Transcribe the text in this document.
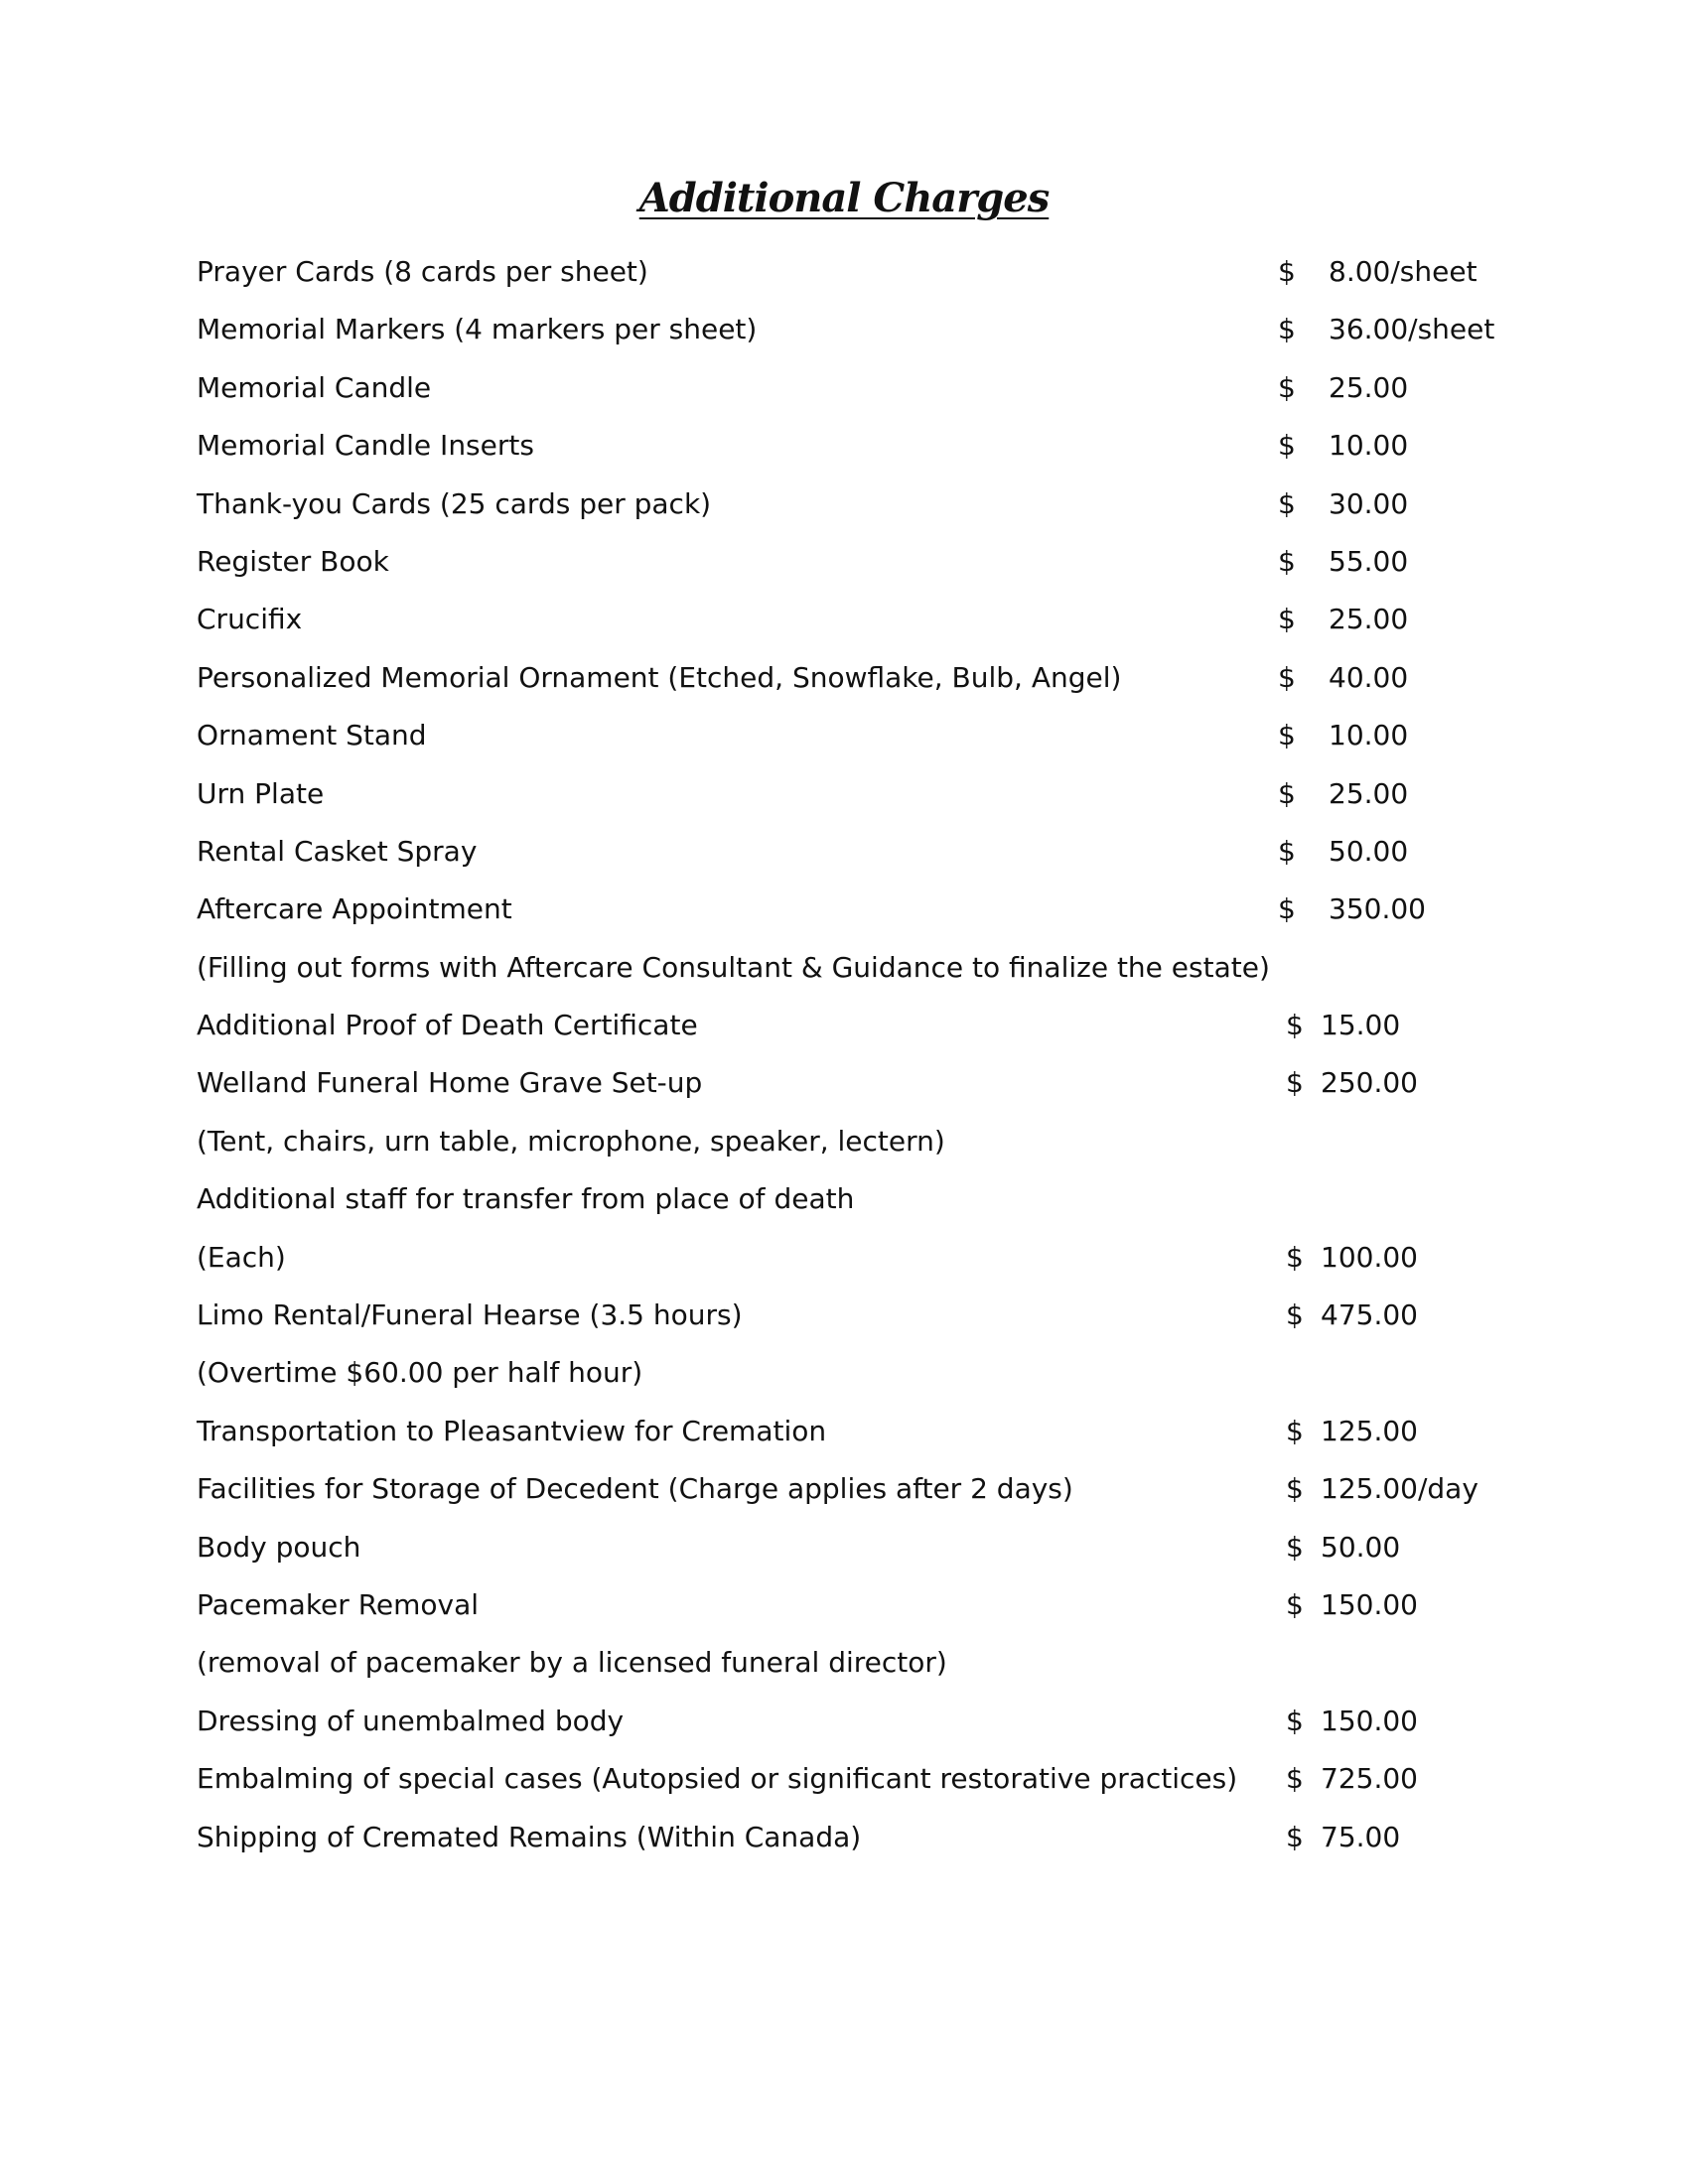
Additional Charges
Prayer Cards (8 cards per sheet)	$ 8.00/sheet
Memorial Markers (4 markers per sheet)	$ 36.00/sheet
Memorial Candle	$ 25.00
Memorial Candle Inserts	$ 10.00
Thank-you Cards (25 cards per pack)	$ 30.00
Register Book	$ 55.00
Crucifix	$ 25.00
Personalized Memorial Ornament (Etched, Snowflake, Bulb, Angel)	$ 40.00
Ornament Stand	$ 10.00
Urn Plate	$ 25.00
Rental Casket Spray	$ 50.00
Aftercare Appointment	$ 350.00
(Filling out forms with Aftercare Consultant & Guidance to finalize the estate)
Additional Proof of Death Certificate	$ 15.00
Welland Funeral Home Grave Set-up	$ 250.00
(Tent, chairs, urn table, microphone, speaker, lectern)
Additional staff for transfer from place of death
(Each)	$ 100.00
Limo Rental/Funeral Hearse (3.5 hours)	$ 475.00
(Overtime $60.00 per half hour)
Transportation to Pleasantview for Cremation	$ 125.00
Facilities for Storage of Decedent (Charge applies after 2 days)	$ 125.00/day
Body pouch	$ 50.00
Pacemaker Removal	$ 150.00
(removal of pacemaker by a licensed funeral director)
Dressing of unembalmed body	$ 150.00
Embalming of special cases (Autopsied or significant restorative practices) $ 725.00
Shipping of Cremated Remains (Within Canada)	$ 75.00
